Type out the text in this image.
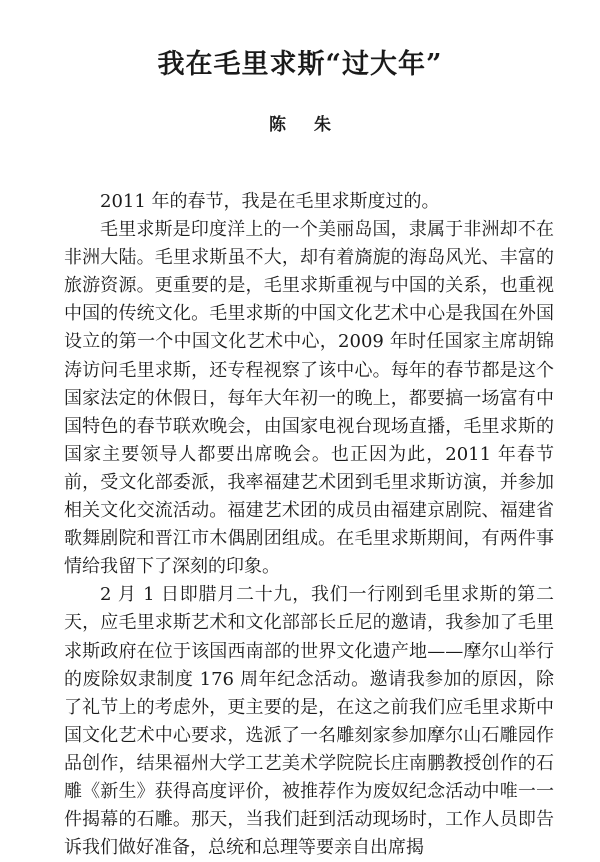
我在毛里求斯“过大年”
陈朱

2011 年的春节，我是在毛里求斯度过的。

毛里求斯是印度洋上的一个美丽岛国，隶属于非洲却不在非洲大陆。毛里求斯虽不大，却有着旖旎的海岛风光、丰富的旅游资源。更重要的是，毛里求斯重视与中国的关系，也重视中国的传统文化。毛里求斯的中国文化艺术中心是我国在外国设立的第一个中国文化艺术中心，2009 年时任国家主席胡锦涛访问毛里求斯，还专程视察了该中心。每年的春节都是这个国家法定的休假日，每年大年初一的晚上，都要搞一场富有中国特色的春节联欢晚会，由国家电视台现场直播，毛里求斯的国家主要领导人都要出席晚会。也正因为此，2011 年春节前，受文化部委派，我率福建艺术团到毛里求斯访演，并参加相关文化交流活动。福建艺术团的成员由福建京剧院、福建省歌舞剧院和晋江市木偶剧团组成。在毛里求斯期间，有两件事情给我留下了深刻的印象。

2 月 1 日即腊月二十九，我们一行刚到毛里求斯的第二天，应毛里求斯艺术和文化部部长丘尼的邀请，我参加了毛里求斯政府在位于该国西南部的世界文化遗产地——摩尔山举行的废除奴隶制度 176 周年纪念活动。邀请我参加的原因，除了礼节上的考虑外，更主要的是，在这之前我们应毛里求斯中国文化艺术中心要求，选派了一名雕刻家参加摩尔山石雕园作品创作，结果福州大学工艺美术学院院长庄南鹏教授创作的石雕《新生》获得高度评价，被推荐作为废奴纪念活动中唯一一件揭幕的石雕。那天，当我们赶到活动现场时，工作人员即告诉我们做好准备，总统和总理等要亲自出席揭
